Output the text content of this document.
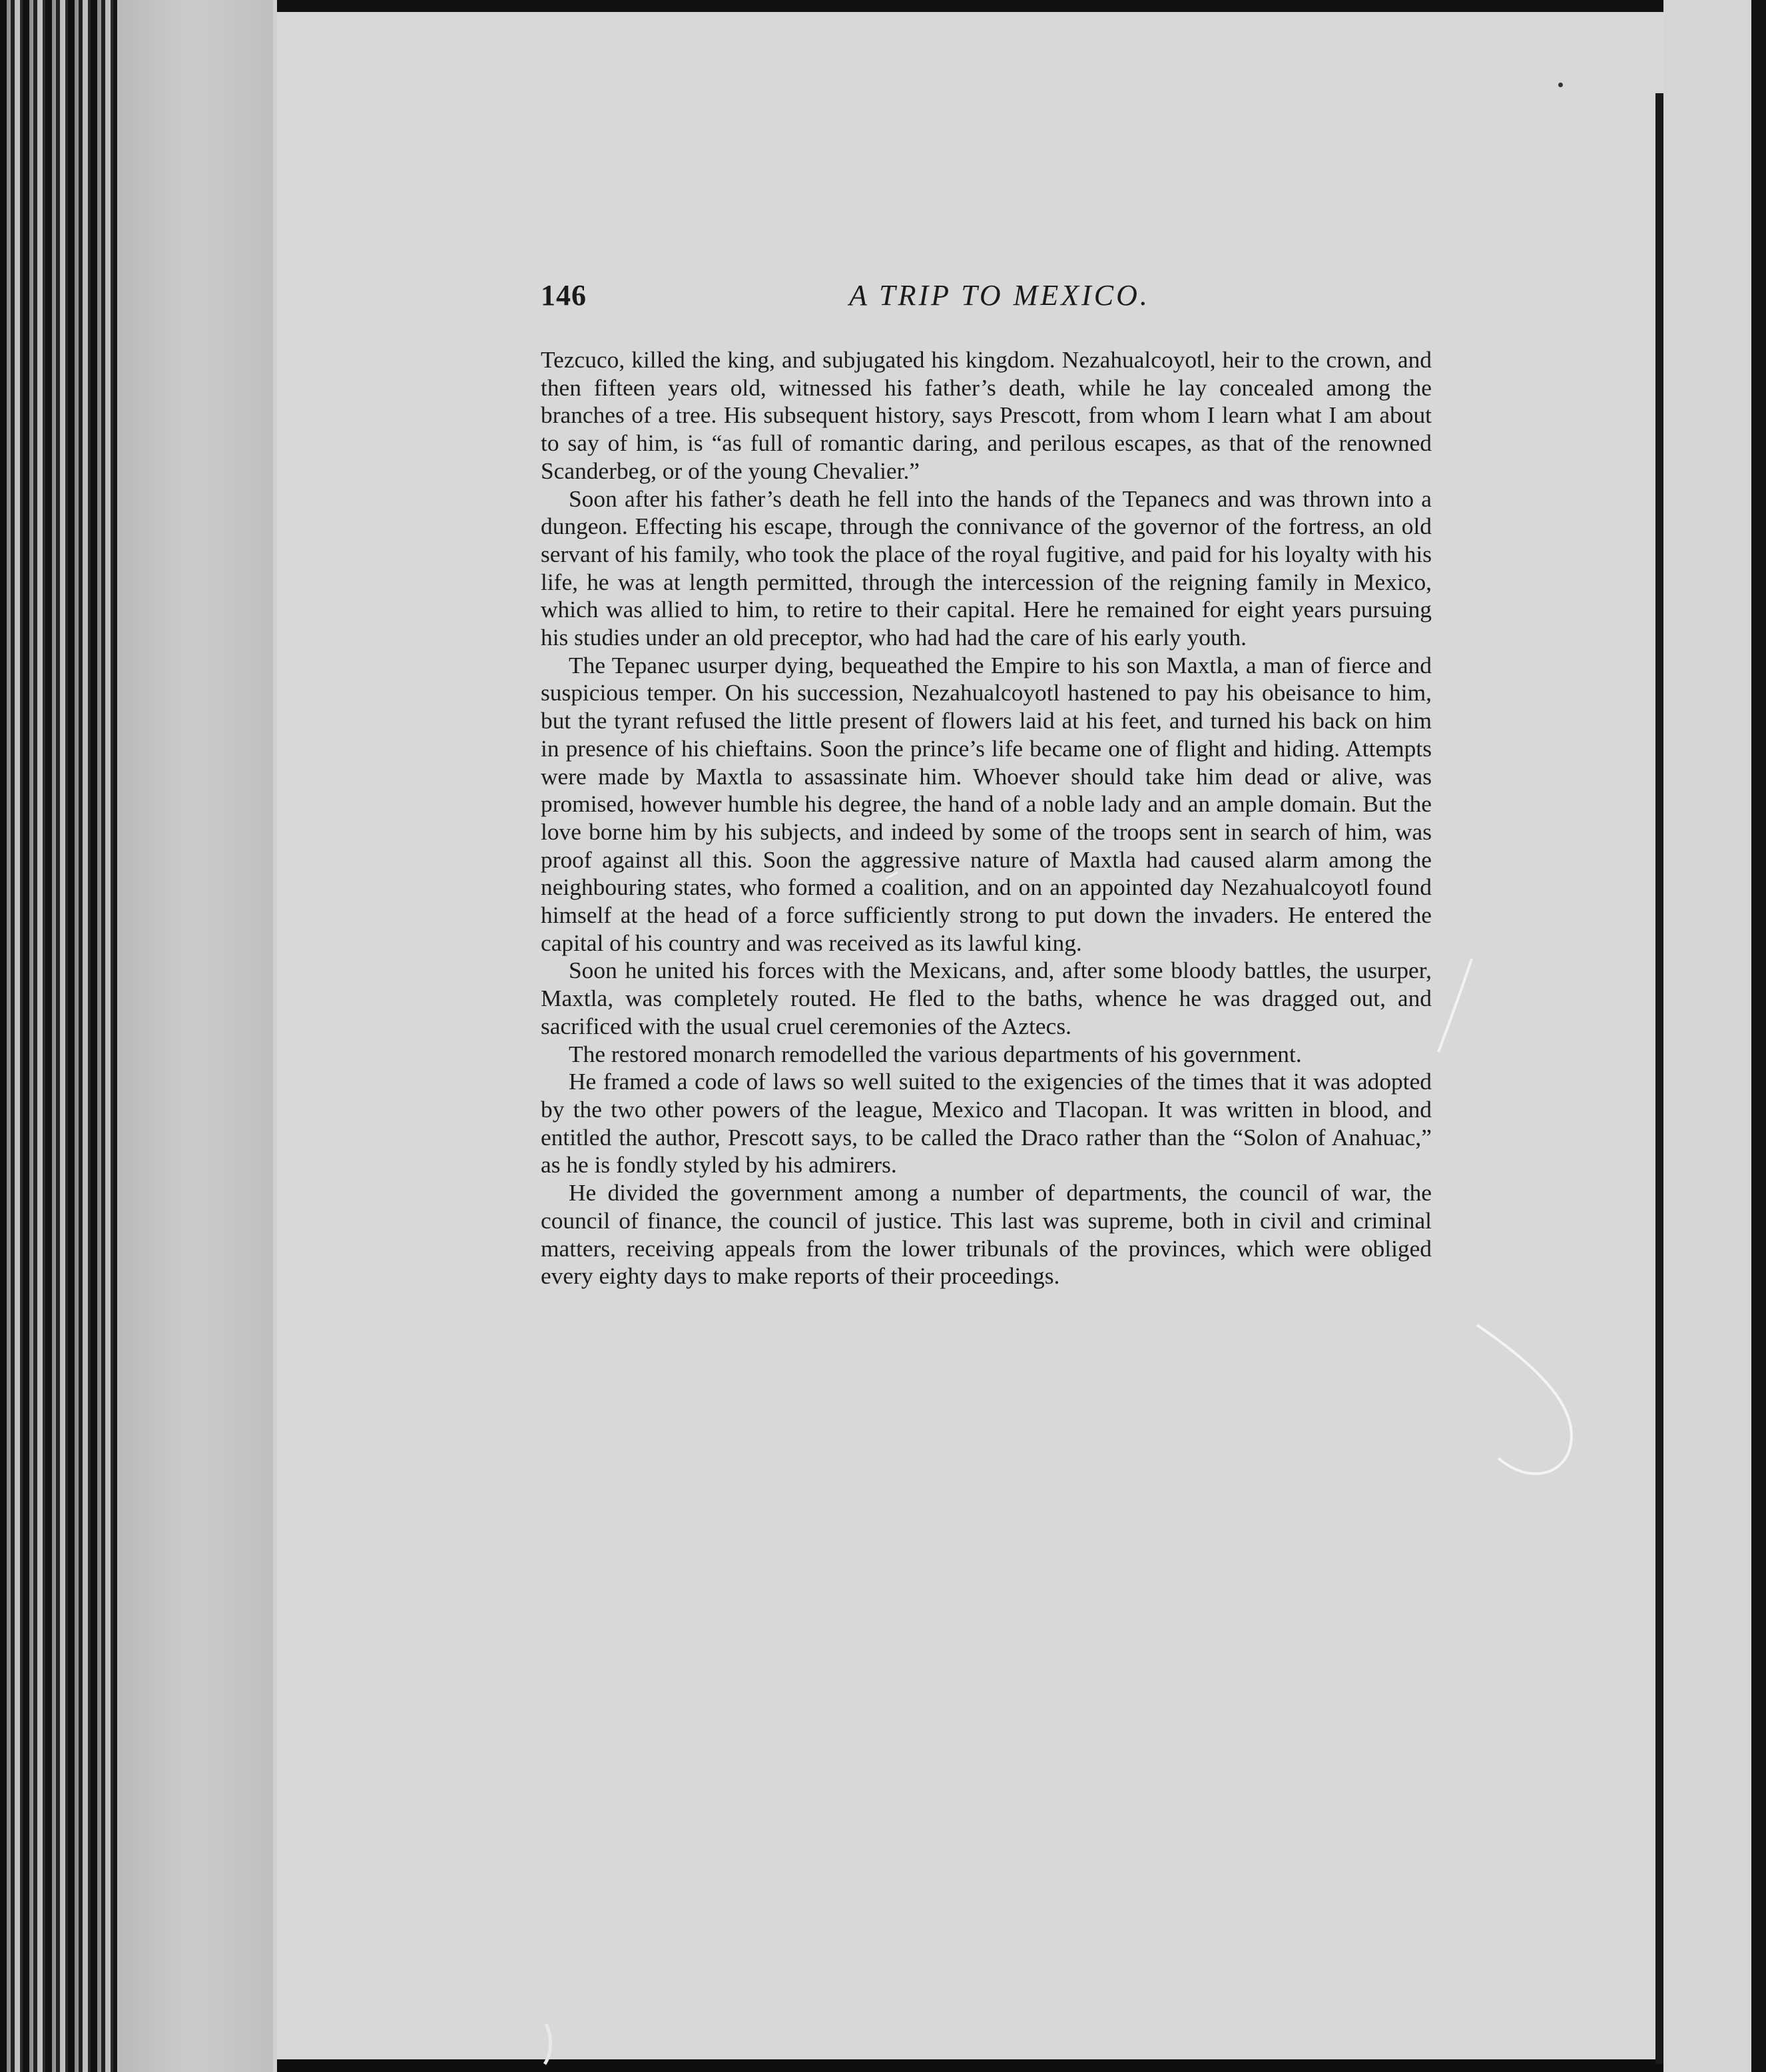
146	A TRIP TO MEXICO.

Tezcuco, killed the king, and subjugated his kingdom. Nezahualcoyotl, heir to the crown, and then fifteen years old, witnessed his father’s death, while he lay concealed among the branches of a tree. His subsequent history, says Prescott, from whom I learn what I am about to say of him, is “as full of romantic daring, and perilous escapes, as that of the renowned Scanderbeg, or of the young Chevalier.”

Soon after his father’s death he fell into the hands of the Tepanecs and was thrown into a dungeon. Effecting his escape, through the connivance of the governor of the fortress, an old servant of his family, who took the place of the royal fugitive, and paid for his loyalty with his life, he was at length permitted, through the intercession of the reigning family in Mexico, which was allied to him, to retire to their capital. Here he remained for eight years pursuing his studies under an old preceptor, who had had the care of his early youth.

The Tepanec usurper dying, bequeathed the Empire to his son Maxtla, a man of fierce and suspicious temper. On his succession, Nezahualcoyotl hastened to pay his obeisance to him, but the tyrant refused the little present of flowers laid at his feet, and turned his back on him in presence of his chieftains. Soon the prince’s life became one of flight and hiding. Attempts were made by Maxtla to assassinate him. Whoever should take him dead or alive, was promised, however humble his degree, the hand of a noble lady and an ample domain. But the love borne him by his subjects, and indeed by some of the troops sent in search of him, was proof against all this. Soon the aggressive nature of Maxtla had caused alarm among the neighbouring states, who formed a coalition, and on an appointed day Nezahualcoyotl found himself at the head of a force sufficiently strong to put down the invaders. He entered the capital of his country and was received as its lawful king.

Soon he united his forces with the Mexicans, and, after some bloody battles, the usurper, Maxtla, was completely routed. He fled to the baths, whence he was dragged out, and sacrificed with the usual cruel ceremonies of the Aztecs.

The restored monarch remodelled the various departments of his government.

He framed a code of laws so well suited to the exigencies of the times that it was adopted by the two other powers of the league, Mexico and Tlacopan. It was written in blood, and entitled the author, Prescott says, to be called the Draco rather than the “Solon of Anahuac,” as he is fondly styled by his admirers.

He divided the government among a number of departments, the council of war, the council of finance, the council of justice. This last was supreme, both in civil and criminal matters, receiving appeals from the lower tribunals of the provinces, which were obliged every eighty days to make reports of their proceedings.
